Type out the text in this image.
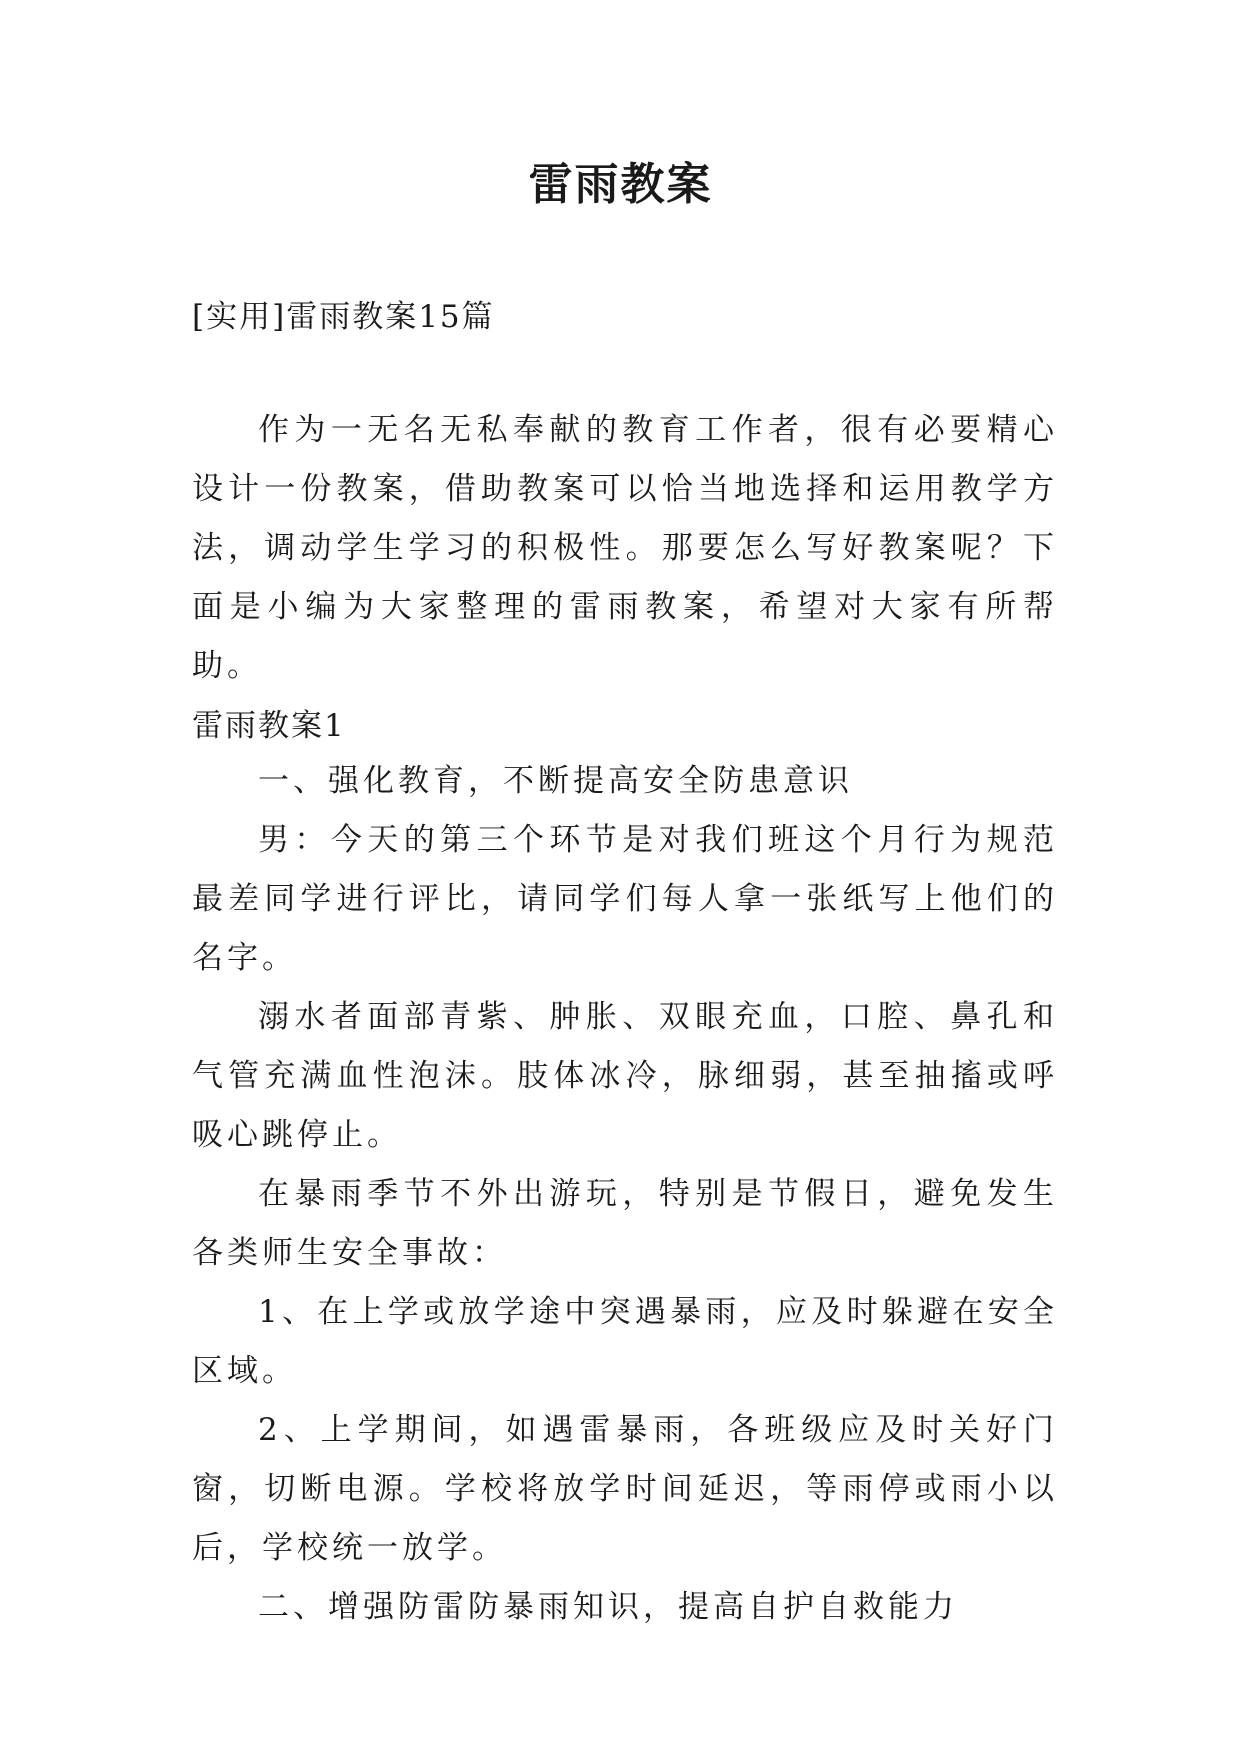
雷雨教案
[实用]雷雨教案15篇

作为一无名无私奉献的教育工作者，很有必要精心设计一份教案，借助教案可以恰当地选择和运用教学方法，调动学生学习的积极性。那要怎么写好教案呢？下面是小编为大家整理的雷雨教案，希望对大家有所帮助。

雷雨教案1

一、强化教育，不断提高安全防患意识

男：今天的第三个环节是对我们班这个月行为规范最差同学进行评比，请同学们每人拿一张纸写上他们的名字。

溺水者面部青紫、肿胀、双眼充血，口腔、鼻孔和气管充满血性泡沫。肢体冰冷，脉细弱，甚至抽搐或呼吸心跳停止。

在暴雨季节不外出游玩，特别是节假日，避免发生各类师生安全事故：

1、在上学或放学途中突遇暴雨，应及时躲避在安全区域。

2、上学期间，如遇雷暴雨，各班级应及时关好门窗，切断电源。学校将放学时间延迟，等雨停或雨小以后，学校统一放学。

二、增强防雷防暴雨知识，提高自护自救能力
